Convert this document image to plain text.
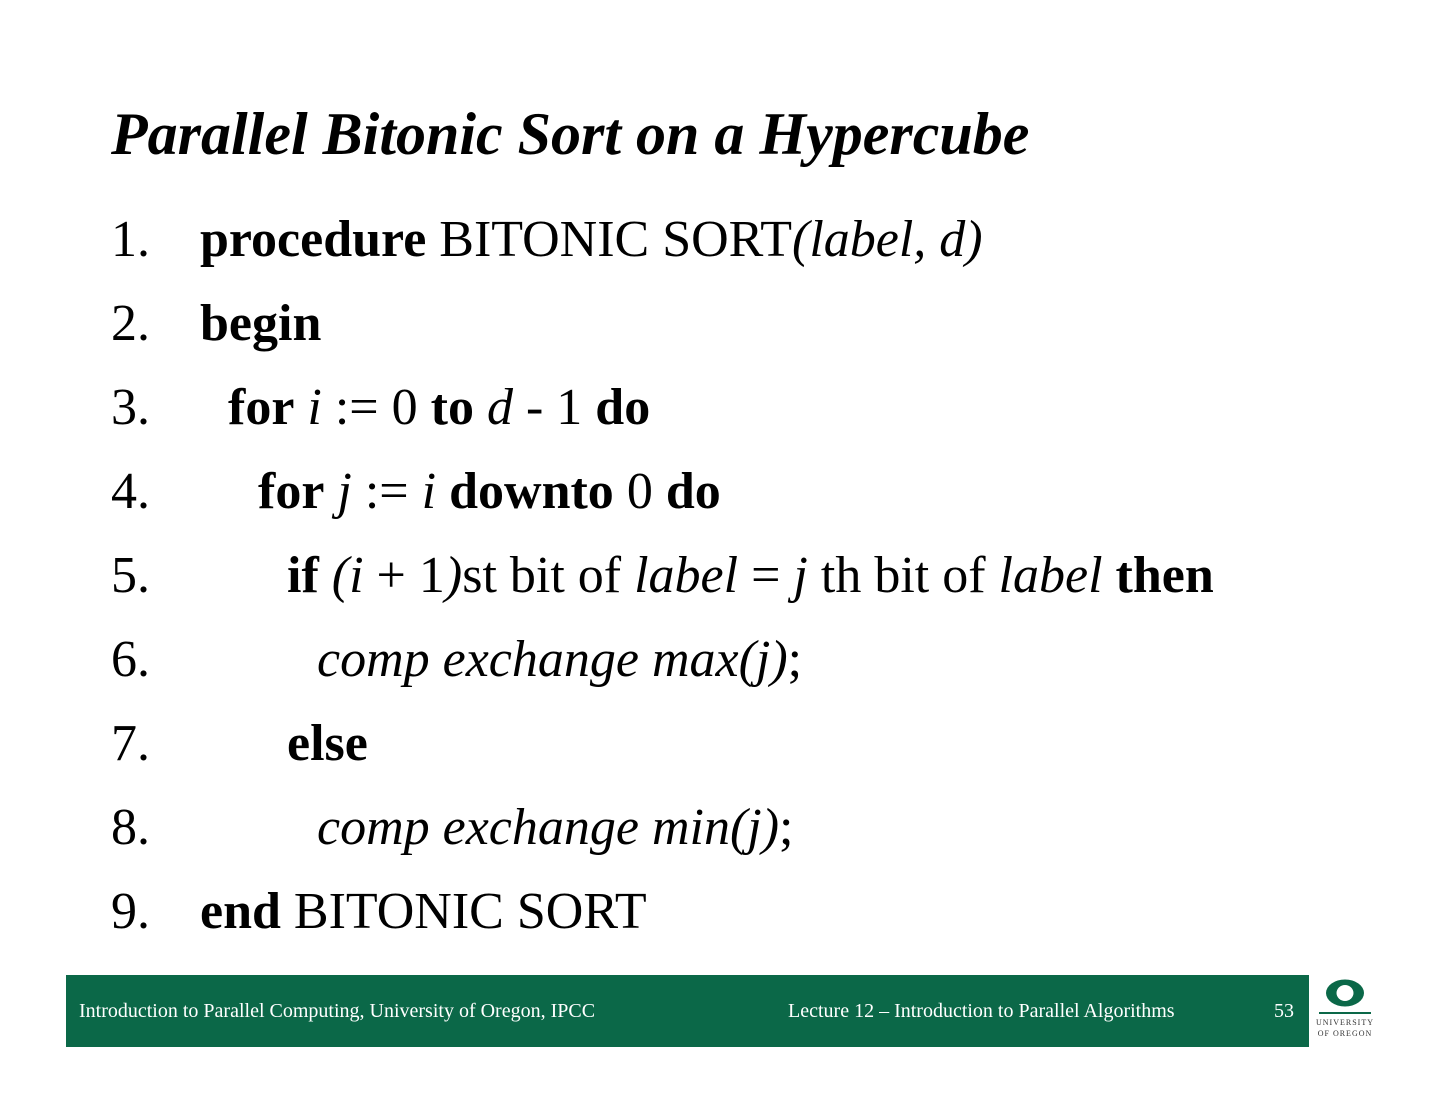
Parallel Bitonic Sort on a Hypercube
1. procedure BITONIC SORT(label, d)
2. begin
3. for i := 0 to d - 1 do
4. for j := i downto 0 do
5.	if (i + 1)st bit of label = j th bit of label then
6.	comp exchange max(j);
7.	else
8.	comp exchange min(j);
9. end BITONIC SORT
Introduction to Parallel Computing, University of Oregon, IPCC	Lecture 12 – Introduction to Parallel Algorithms	53
UNIVERSITY
OF OREGON
